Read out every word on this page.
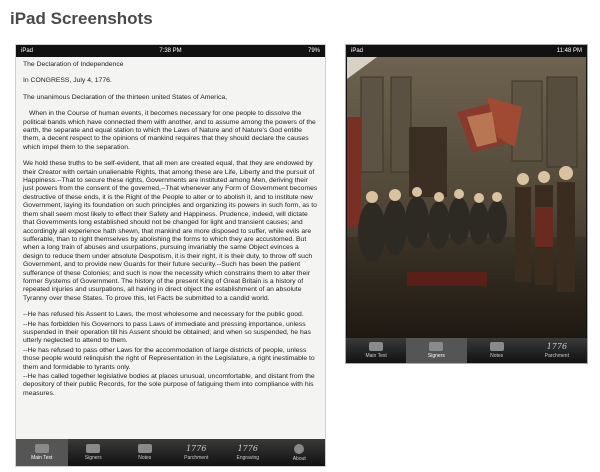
iPad Screenshots
iPad	7:38 PM	79%
The Declaration of Independence
In CONGRESS, July 4, 1776.
The unanimous Declaration of the thirteen united States of America,
When in the Course of human events, it becomes necessary for one people to dissolve the political bands which have connected them with another, and to assume among the powers of the earth, the separate and equal station to which the Laws of Nature and of Nature's God entitle them, a decent respect to the opinions of mankind requires that they should declare the causes which impel them to the separation.
We hold these truths to be self-evident, that all men are created equal, that they are endowed by their Creator with certain unalienable Rights, that among these are Life, Liberty and the pursuit of Happiness.--That to secure these rights, Governments are instituted among Men, deriving their just powers from the consent of the governed,--That whenever any Form of Government becomes destructive of these ends, it is the Right of the People to alter or to abolish it, and to institute new Government, laying its foundation on such principles and organizing its powers in such form, as to them shall seem most likely to effect their Safety and Happiness. Prudence, indeed, will dictate that Governments long established should not be changed for light and transient causes; and accordingly all experience hath shewn, that mankind are more disposed to suffer, while evils are sufferable, than to right themselves by abolishing the forms to which they are accustomed. But when a long train of abuses and usurpations, pursuing invariably the same Object evinces a design to reduce them under absolute Despotism, it is their right, it is their duty, to throw off such Government, and to provide new Guards for their future security.--Such has been the patient sufferance of these Colonies; and such is now the necessity which constrains them to alter their former Systems of Government. The history of the present King of Great Britain is a history of repeated injuries and usurpations, all having in direct object the establishment of an absolute Tyranny over these States. To prove this, let Facts be submitted to a candid world.
--He has refused his Assent to Laws, the most wholesome and necessary for the public good.
--He has forbidden his Governors to pass Laws of immediate and pressing importance, unless suspended in their operation till his Assent should be obtained; and when so suspended, he has utterly neglected to attend to them.
--He has refused to pass other Laws for the accommodation of large districts of people, unless those people would relinquish the right of Representation in the Legislature, a right inestimable to them and formidable to tyrants only.
--He has called together legislative bodies at places unusual, uncomfortable, and distant from the depository of their public Records, for the sole purpose of fatiguing them into compliance with his measures.
Main Text	Signers	Notes
1776
Parchment
1776
Engraving	About
iPad	11:48 PM
Main Text	Signers	Notes
1776
Parchment
